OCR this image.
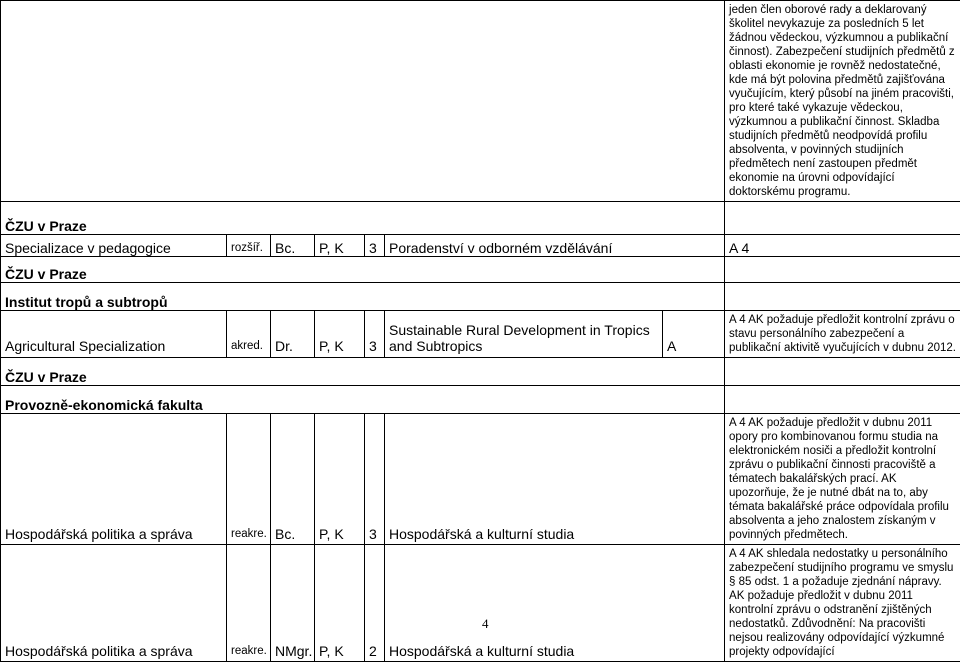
							jeden člen oborové rady a deklarovaný školitel nevykazuje za posledních 5 let žádnou vědeckou, výzkumnou a publikační činnost). Zabezpečení studijních předmětů z oblasti ekonomie je rovněž nedostatečné, kde má být polovina předmětů zajišťována vyučujícím, který působí na jiném pracovišti, pro které také vykazuje vědeckou, výzkumnou a publikační činnost. Skladba studijních předmětů neodpovídá profilu absolventa, v povinných studijních předmětech není zastoupen předmět ekonomie na úrovni odpovídající doktorskému programu.
ČZU v Praze							
Specializace v pedagogice	rozšíř.	Bc.	P, K	3	Poradenství v odborném vzdělávání		A 4
ČZU v Praze							
Institut tropů a subtropů							
Agricultural Specialization	akred.	Dr.	P, K	3	Sustainable Rural Development in Tropics and Subtropics	A	A 4 AK požaduje předložit kontrolní zprávu o stavu personálního zabezpečení a publikační aktivitě vyučujících v dubnu 2012.
ČZU v Praze							
Provozně-ekonomická fakulta							
Hospodářská politika a správa	reakre.	Bc.	P, K	3	Hospodářská a kulturní studia		A 4 AK požaduje předložit v dubnu 2011 opory pro kombinovanou formu studia na elektronickém nosiči a předložit kontrolní zprávu o publikační činnosti pracoviště a tématech bakalářských prací. AK upozorňuje, že je nutné dbát na to, aby témata bakalářské práce odpovídala profilu absolventa a jeho znalostem získaným v povinných předmětech.
Hospodářská politika a správa	reakre.	NMgr.	P, K	2	Hospodářská a kulturní studia		A 4 AK shledala nedostatky u personálního zabezpečení studijního programu ve smyslu § 85 odst. 1 a požaduje zjednání nápravy. AK požaduje předložit v dubnu 2011 kontrolní zprávu o odstranění zjištěných nedostatků. Zdůvodnění: Na pracovišti nejsou realizovány odpovídající výzkumné projekty odpovídající
4
